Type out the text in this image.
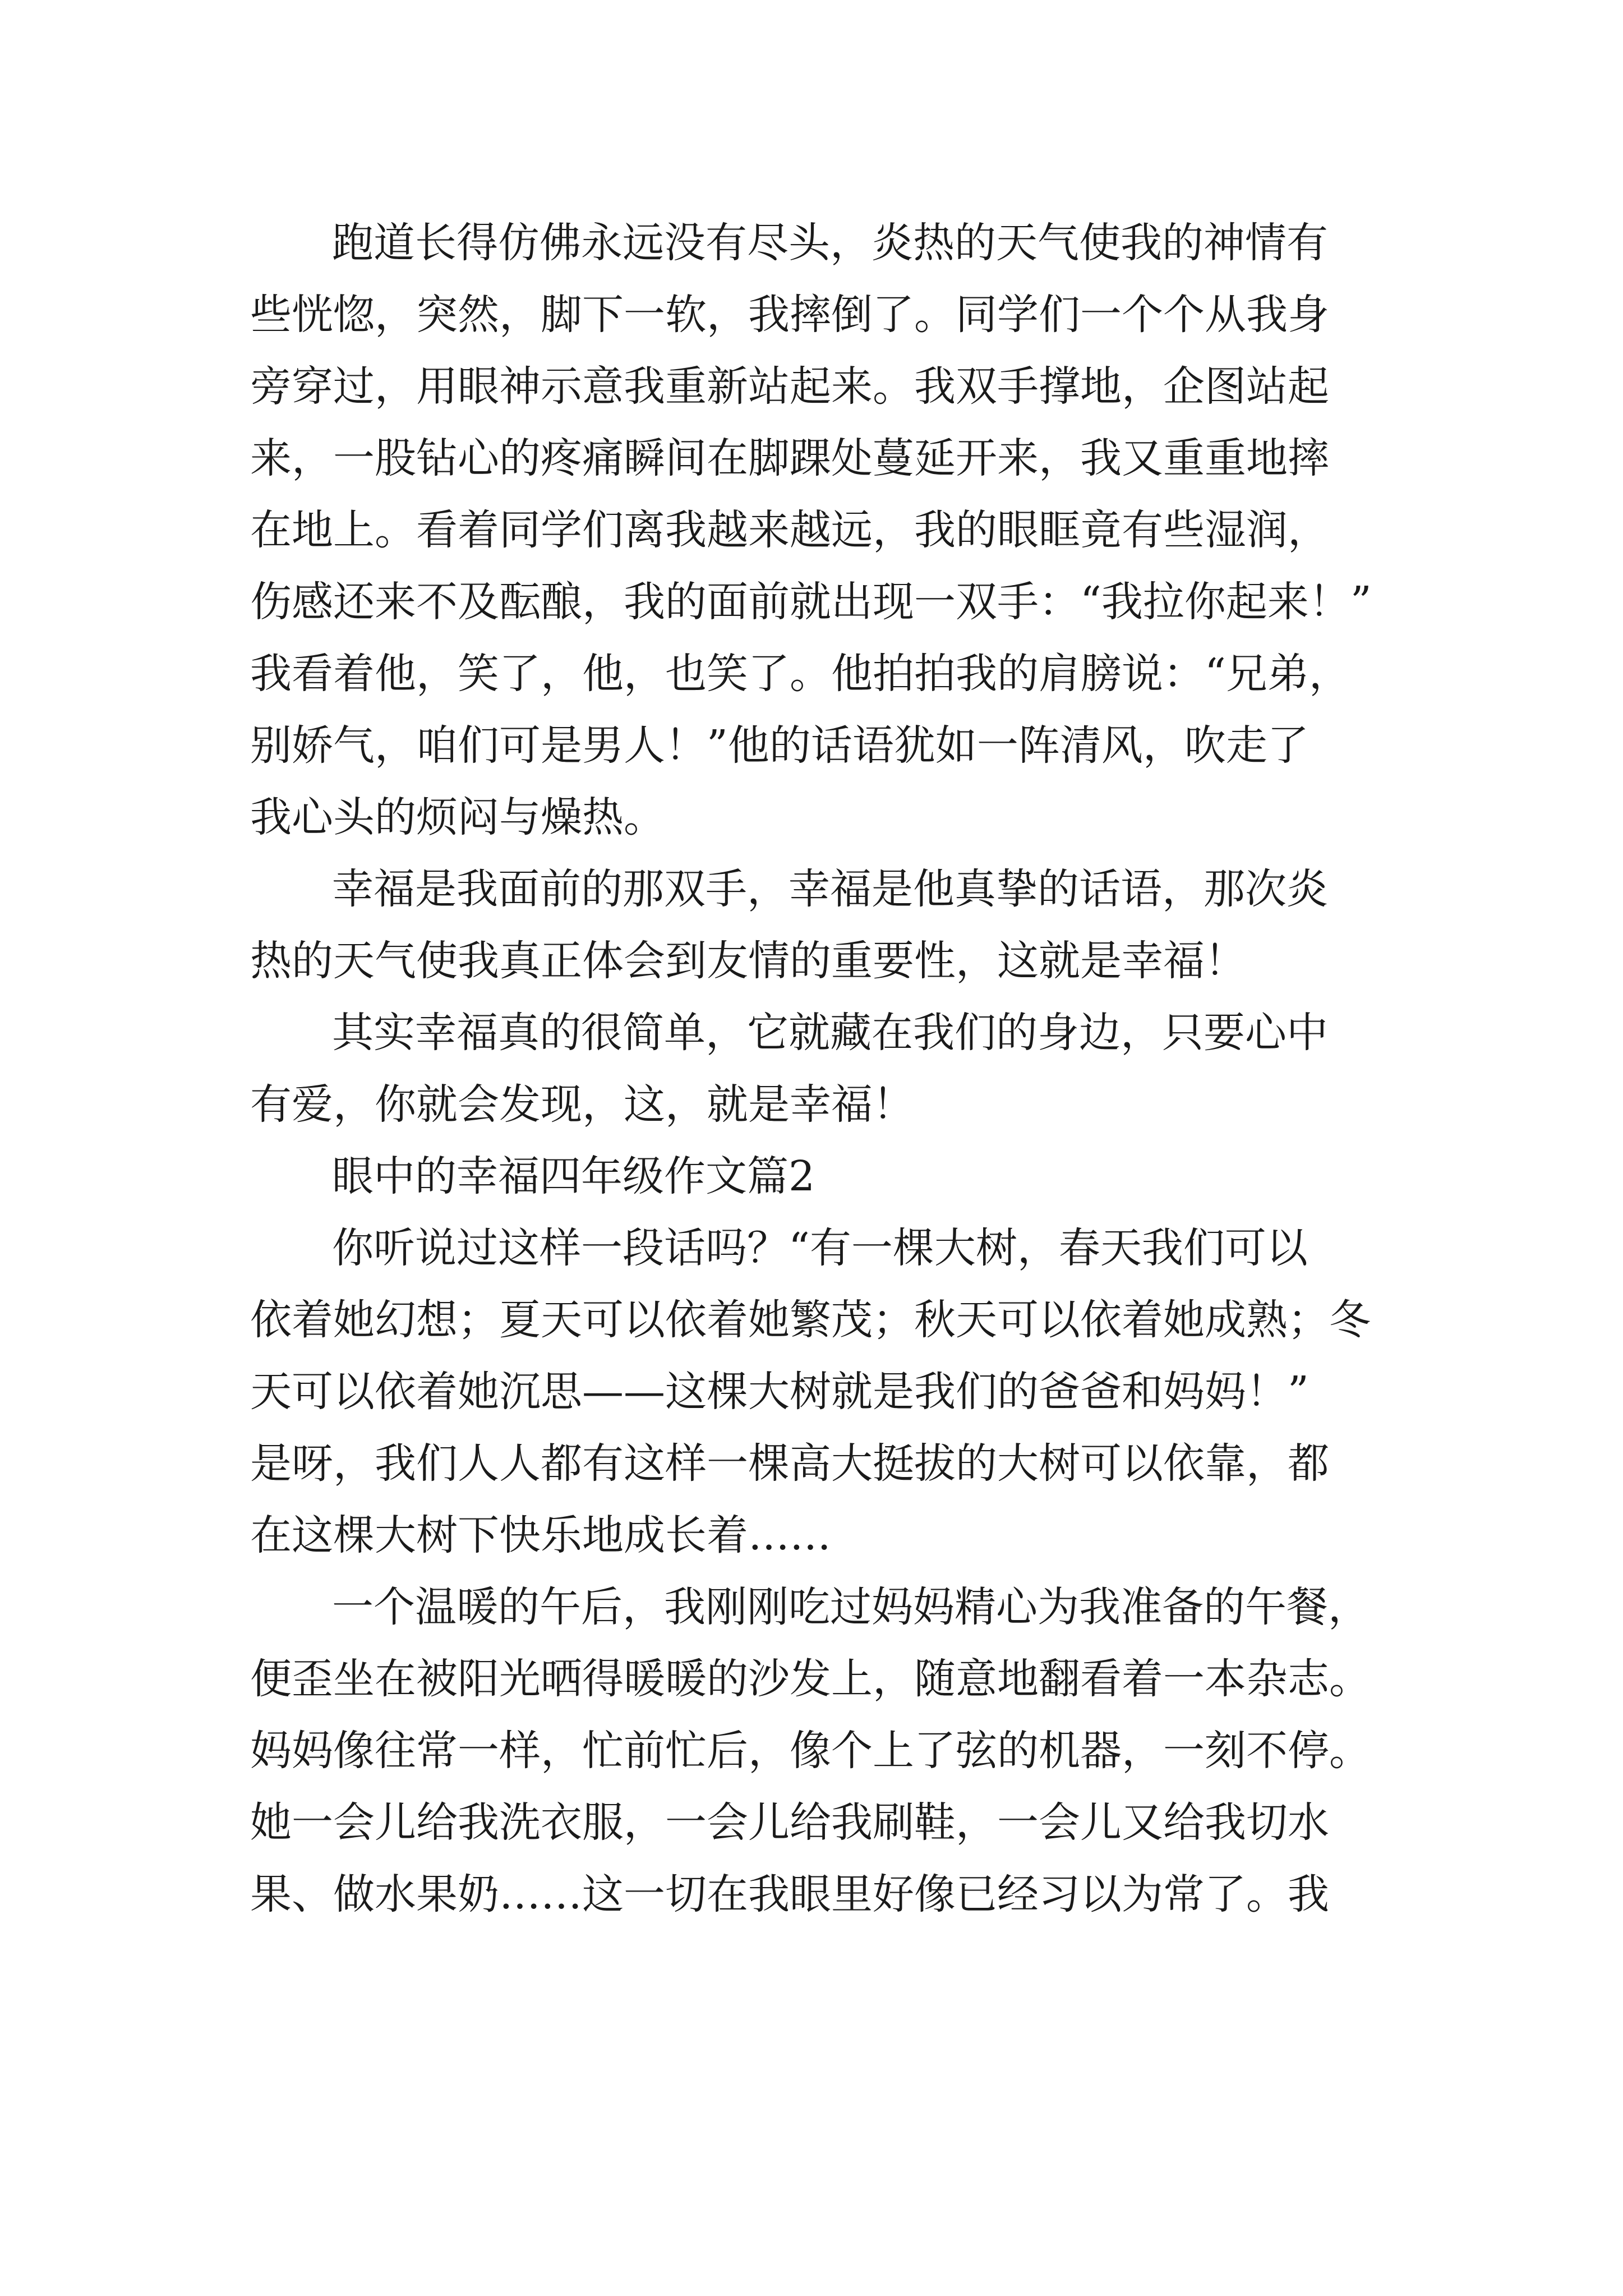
跑道长得仿佛永远没有尽头，炎热的天气使我的神情有
些恍惚，突然，脚下一软，我摔倒了。同学们一个个从我身
旁穿过，用眼神示意我重新站起来。我双手撑地，企图站起
来，一股钻心的疼痛瞬间在脚踝处蔓延开来，我又重重地摔
在地上。看着同学们离我越来越远，我的眼眶竟有些湿润，
伤感还来不及酝酿，我的面前就出现一双手：“我拉你起来！”
我看着他，笑了，他，也笑了。他拍拍我的肩膀说：“兄弟，
别娇气，咱们可是男人！”他的话语犹如一阵清风，吹走了
我心头的烦闷与燥热。
幸福是我面前的那双手，幸福是他真挚的话语，那次炎
热的天气使我真正体会到友情的重要性，这就是幸福！
其实幸福真的很简单，它就藏在我们的身边，只要心中
有爱，你就会发现，这，就是幸福！
眼中的幸福四年级作文篇2
你听说过这样一段话吗？“有一棵大树，春天我们可以
依着她幻想；夏天可以依着她繁茂；秋天可以依着她成熟；冬
天可以依着她沉思——这棵大树就是我们的爸爸和妈妈！”
是呀，我们人人都有这样一棵高大挺拔的大树可以依靠，都
在这棵大树下快乐地成长着……
一个温暖的午后，我刚刚吃过妈妈精心为我准备的午餐，
便歪坐在被阳光晒得暖暖的沙发上，随意地翻看着一本杂志。
妈妈像往常一样，忙前忙后，像个上了弦的机器，一刻不停。
她一会儿给我洗衣服，一会儿给我刷鞋，一会儿又给我切水
果、做水果奶……这一切在我眼里好像已经习以为常了。我
